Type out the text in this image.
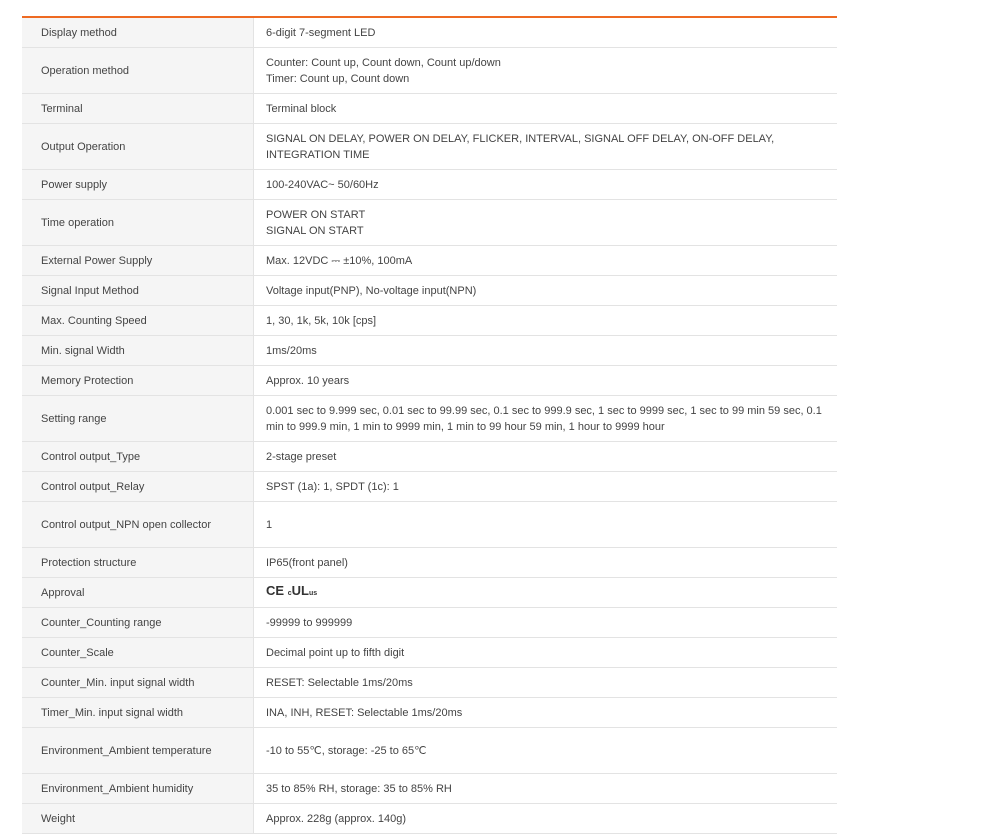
Display method	6-digit 7-segment LED
Operation method	Counter: Count up, Count down, Count up/down
Timer: Count up, Count down
Terminal	Terminal block
Output Operation	SIGNAL ON DELAY, POWER ON DELAY, FLICKER, INTERVAL, SIGNAL OFF DELAY, ON-OFF DELAY, INTEGRATION TIME
Power supply	100-240VAC~ 50/60Hz
Time operation	POWER ON START
SIGNAL ON START
External Power Supply	Max. 12VDC ⎓ ±10%, 100mA
Signal Input Method	Voltage input(PNP), No-voltage input(NPN)
Max. Counting Speed	1, 30, 1k, 5k, 10k [cps]
Min. signal Width	1ms/20ms
Memory Protection	Approx. 10 years
Setting range	0.001 sec to 9.999 sec, 0.01 sec to 99.99 sec, 0.1 sec to 999.9 sec, 1 sec to 9999 sec, 1 sec to 99 min 59 sec, 0.1 min to 999.9 min, 1 min to 9999 min, 1 min to 99 hour 59 min, 1 hour to 9999 hour
Control output_Type	2-stage preset
Control output_Relay	SPST (1a): 1, SPDT (1c): 1
Control output_NPN open collector	1
Protection structure	IP65(front panel)
Approval	CE cULus
Counter_Counting range	-99999 to 999999
Counter_Scale	Decimal point up to fifth digit
Counter_Min. input signal width	RESET: Selectable 1ms/20ms
Timer_Min. input signal width	INA, INH, RESET: Selectable 1ms/20ms
Environment_Ambient temperature	-10 to 55℃, storage: -25 to 65℃
Environment_Ambient humidity	35 to 85% RH, storage: 35 to 85% RH
Weight	Approx. 228g (approx. 140g)
